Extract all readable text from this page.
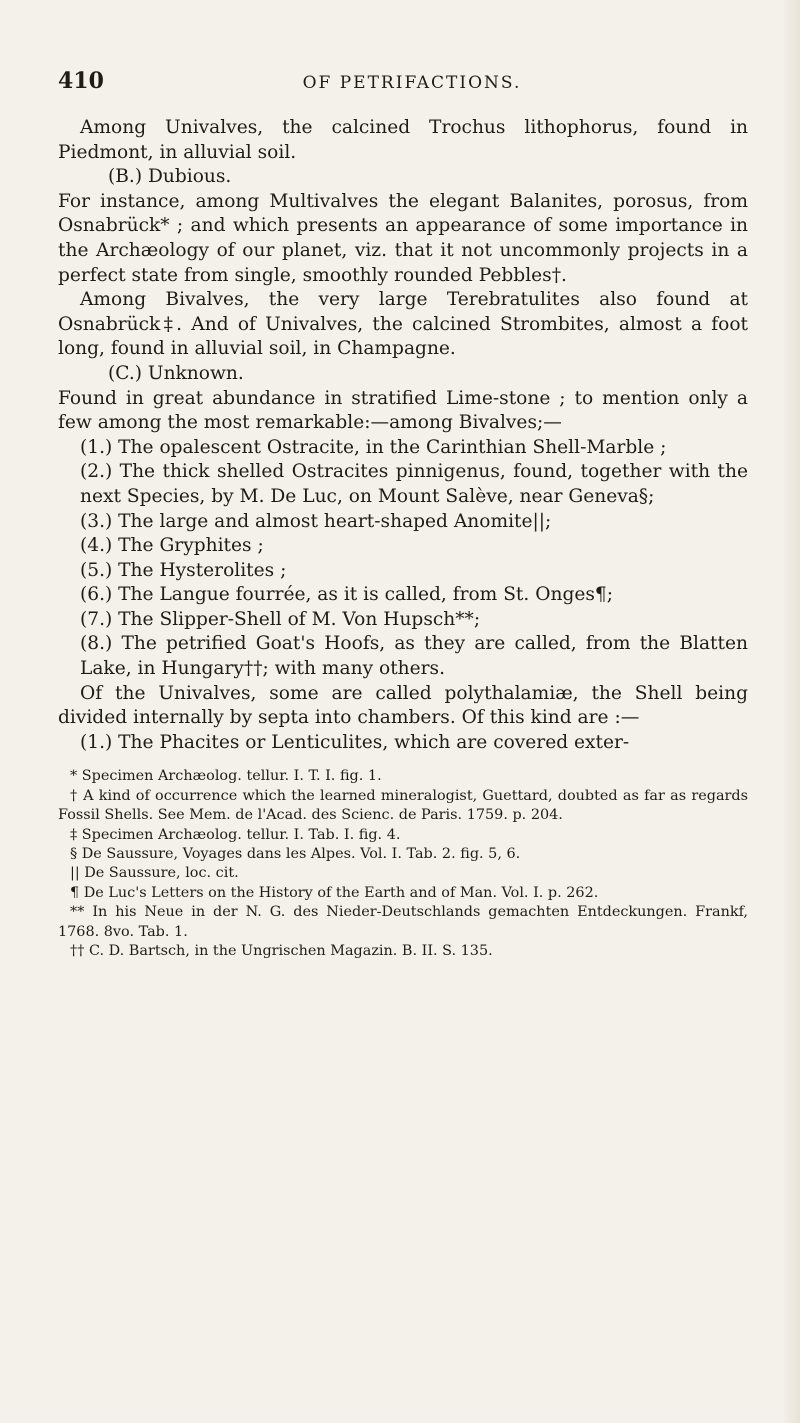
410	OF PETRIFACTIONS.

Among Univalves, the calcined Trochus lithophorus, found in Piedmont, in alluvial soil.

(B.) Dubious.

For instance, among Multivalves the elegant Balanites, porosus, from Osnabrück* ; and which presents an appearance of some importance in the Archæology of our planet, viz. that it not uncommonly projects in a perfect state from single, smoothly rounded Pebbles†.

Among Bivalves, the very large Terebratulites also found at Osnabrück‡. And of Univalves, the calcined Strombites, almost a foot long, found in alluvial soil, in Champagne.

(C.) Unknown.

Found in great abundance in stratified Lime-stone ; to mention only a few among the most remarkable:—among Bivalves;—

(1.) The opalescent Ostracite, in the Carinthian Shell-Marble ;

(2.) The thick shelled Ostracites pinnigenus, found, together with the next Species, by M. De Luc, on Mount Salève, near Geneva§;

(3.) The large and almost heart-shaped Anomite||;

(4.) The Gryphites ;

(5.) The Hysterolites ;

(6.) The Langue fourrée, as it is called, from St. Onges¶;

(7.) The Slipper-Shell of M. Von Hupsch**;

(8.) The petrified Goat's Hoofs, as they are called, from the Blatten Lake, in Hungary††; with many others.

Of the Univalves, some are called polythalamiæ, the Shell being divided internally by septa into chambers. Of this kind are :—

(1.) The Phacites or Lenticulites, which are covered exter-

* Specimen Archæolog. tellur. I. T. I. fig. 1.

† A kind of occurrence which the learned mineralogist, Guettard, doubted as far as regards Fossil Shells. See Mem. de l'Acad. des Scienc. de Paris. 1759. p. 204.

‡ Specimen Archæolog. tellur. I. Tab. I. fig. 4.

§ De Saussure, Voyages dans les Alpes. Vol. I. Tab. 2. fig. 5, 6.

|| De Saussure, loc. cit.

¶ De Luc's Letters on the History of the Earth and of Man. Vol. I. p. 262.

** In his Neue in der N. G. des Nieder-Deutschlands gemachten Entdeckungen. Frankf, 1768. 8vo. Tab. 1.

†† C. D. Bartsch, in the Ungrischen Magazin. B. II. S. 135.
